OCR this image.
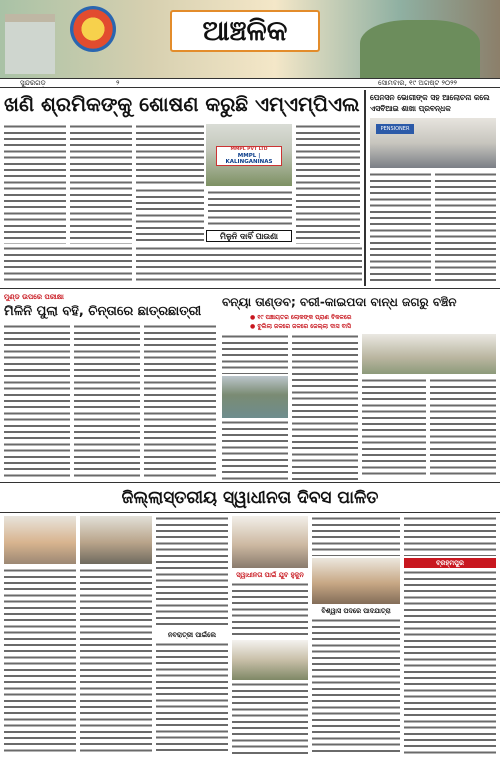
ଆଞ୍ଚଳିକ
ସୁନ୍ଦରଗଡ଼	୨	ସୋମବାର, ୧୯ ଅଗଷ୍ଟ ୨୦୨୨
ଖଣି ଶ୍ରମିକଙ୍କୁ ଶୋଷଣ କରୁଛି ଏମ୍ଏମ୍ପିଏଲ
MMPL PVT LTD
MMPL | KALINGANINAS
ମିଳୁନି ଦାବିଁ ପାଉଣା
ପେନସନ ଭୋଗୀଙ୍କ ସହ ଆଲୋଚନା କଲେ ଏସବିଆଇ ଶାଖା ପ୍ରବନ୍ଧକ
PENSIONER
ମୁଣ୍ଡ ଉପରେ ପରୀକ୍ଷା
ମିଳିନି ପୁଲା ବହି, ଚିନ୍ତାରେ ଛାତ୍ରଛାତ୍ରୀ
ବନ୍ୟା ତାଣ୍ଡବ; ବରୀ-କାଇପଦା ବାନ୍ଧ ଜଗରୁ ବଞ୍ଚିନ
● ୧୯ ପଞ୍ଚାୟତର ଲୋକଙ୍କ ପ୍ରାଣ ବିକଳରେ
● ବୁଲିଲା ଜଳରେ ଜଳରେ ଜେଲ୍ଲା ଦାସ ବାସି
ଜିଲ୍ଲାସ୍ତରୀୟ ସ୍ୱାଧୀନତା ଦିବସ ପାଳିତ
ନବରାତ୍ରୀ ପାଇଁଲେ
ସ୍ୱାଧୀନତା ପାଇଁ ଯୁବ ହୁକୁନ
ବିଶ୍ୱାସ ପଦରେ ପାଦଯାତ୍ରା
ବ୍ରହ୍ମପୁର
